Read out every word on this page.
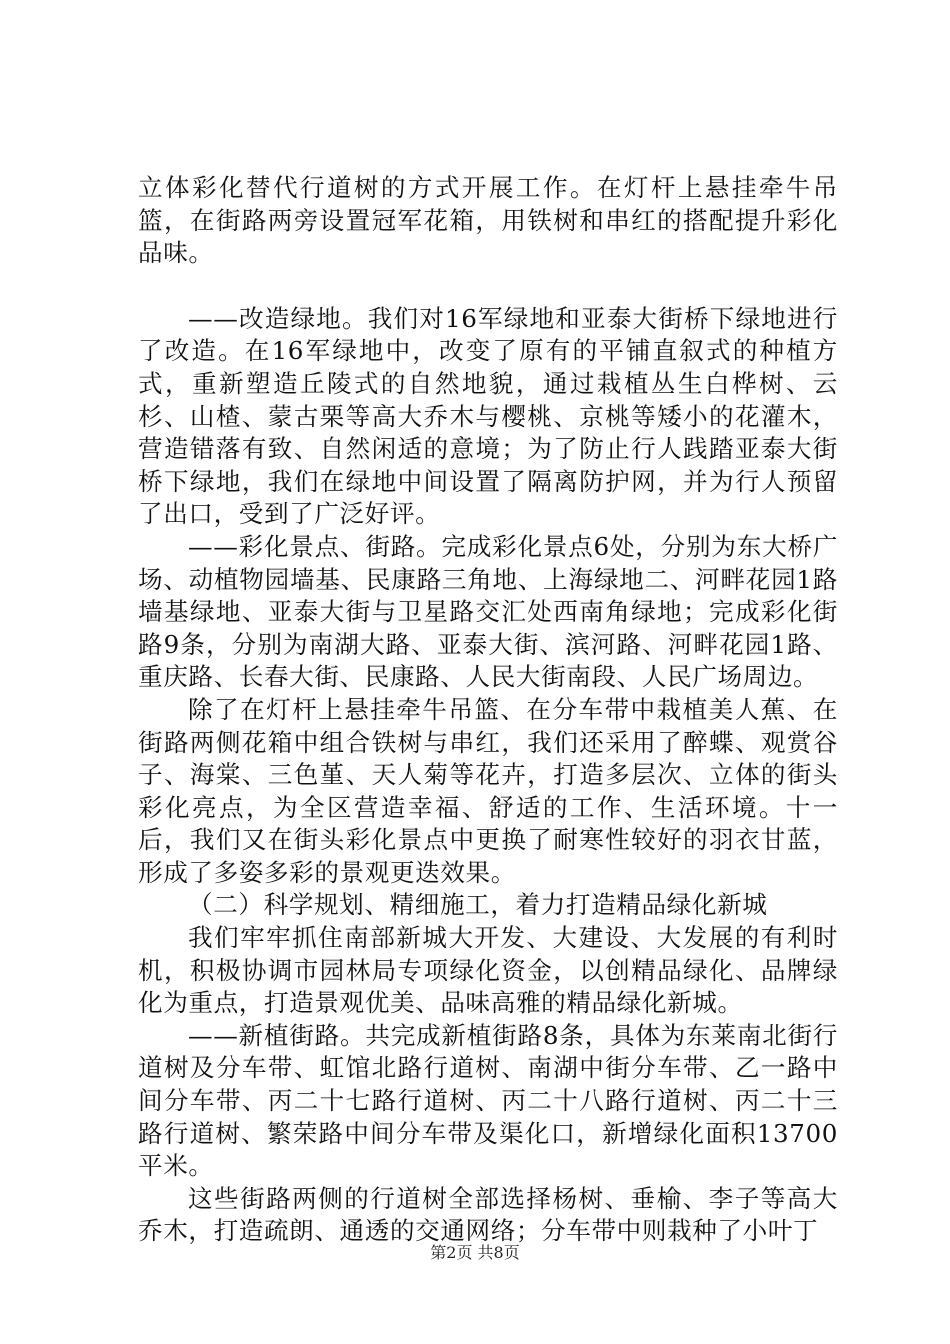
立体彩化替代行道树的方式开展工作。在灯杆上悬挂牵牛吊篮，在街路两旁设置冠军花箱，用铁树和串红的搭配提升彩化品味。

——改造绿地。我们对16军绿地和亚泰大街桥下绿地进行了改造。在16军绿地中，改变了原有的平铺直叙式的种植方式，重新塑造丘陵式的自然地貌，通过栽植丛生白桦树、云杉、山楂、蒙古栗等高大乔木与樱桃、京桃等矮小的花灌木，营造错落有致、自然闲适的意境；为了防止行人践踏亚泰大街桥下绿地，我们在绿地中间设置了隔离防护网，并为行人预留了出口，受到了广泛好评。

——彩化景点、街路。完成彩化景点6处，分别为东大桥广场、动植物园墙基、民康路三角地、上海绿地二、河畔花园1路墙基绿地、亚泰大街与卫星路交汇处西南角绿地；完成彩化街路9条，分别为南湖大路、亚泰大街、滨河路、河畔花园1路、重庆路、长春大街、民康路、人民大街南段、人民广场周边。

除了在灯杆上悬挂牵牛吊篮、在分车带中栽植美人蕉、在街路两侧花箱中组合铁树与串红，我们还采用了醉蝶、观赏谷子、海棠、三色堇、天人菊等花卉，打造多层次、立体的街头彩化亮点，为全区营造幸福、舒适的工作、生活环境。十一后，我们又在街头彩化景点中更换了耐寒性较好的羽衣甘蓝，形成了多姿多彩的景观更迭效果。

（二）科学规划、精细施工，着力打造精品绿化新城

我们牢牢抓住南部新城大开发、大建设、大发展的有利时机，积极协调市园林局专项绿化资金，以创精品绿化、品牌绿化为重点，打造景观优美、品味高雅的精品绿化新城。

——新植街路。共完成新植街路8条，具体为东莱南北街行道树及分车带、虹馆北路行道树、南湖中街分车带、乙一路中间分车带、丙二十七路行道树、丙二十八路行道树、丙二十三路行道树、繁荣路中间分车带及渠化口，新增绿化面积13700平米。

这些街路两侧的行道树全部选择杨树、垂榆、李子等高大乔木，打造疏朗、通透的交通网络；分车带中则栽种了小叶丁

第2页 共8页
